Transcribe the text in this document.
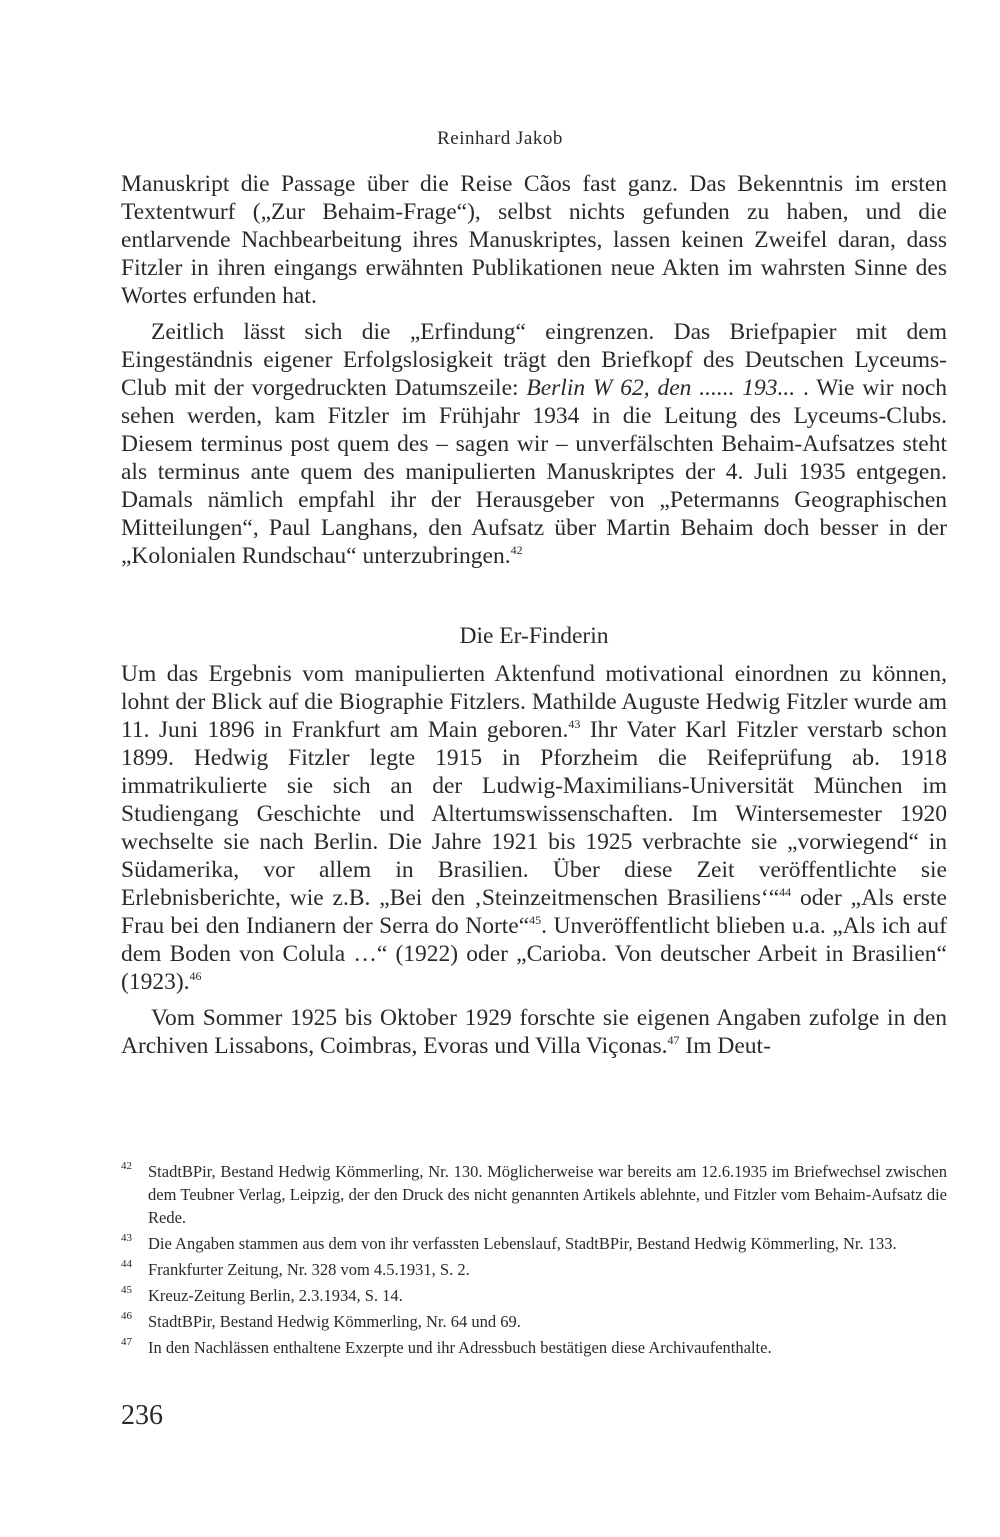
Reinhard Jakob

Manuskript die Passage über die Reise Cãos fast ganz. Das Bekenntnis im ersten Textentwurf („Zur Behaim-Frage“), selbst nichts gefunden zu haben, und die entlarvende Nachbearbeitung ihres Manuskriptes, lassen keinen Zweifel daran, dass Fitzler in ihren eingangs erwähnten Publikationen neue Akten im wahrsten Sinne des Wortes erfunden hat.

Zeitlich lässt sich die „Erfindung“ eingrenzen. Das Briefpapier mit dem Eingeständnis eigener Erfolgslosigkeit trägt den Briefkopf des Deutschen Lyceums-Club mit der vorgedruckten Datumszeile: Berlin W 62, den ...... 193... . Wie wir noch sehen werden, kam Fitzler im Frühjahr 1934 in die Leitung des Lyceums-Clubs. Diesem terminus post quem des – sagen wir – unverfälschten Behaim-Aufsatzes steht als terminus ante quem des manipulierten Manuskriptes der 4. Juli 1935 entgegen. Damals nämlich empfahl ihr der Herausgeber von „Petermanns Geographischen Mitteilungen“, Paul Langhans, den Aufsatz über Martin Behaim doch besser in der „Kolonialen Rundschau“ unterzubringen.$^{42}$

Die Er-Finderin

Um das Ergebnis vom manipulierten Aktenfund motivational einordnen zu können, lohnt der Blick auf die Biographie Fitzlers. Mathilde Auguste Hedwig Fitzler wurde am 11. Juni 1896 in Frankfurt am Main geboren.$^{43}$ Ihr Vater Karl Fitzler verstarb schon 1899. Hedwig Fitzler legte 1915 in Pforzheim die Reifeprüfung ab. 1918 immatrikulierte sie sich an der Ludwig-Maximilians-Universität München im Studiengang Geschichte und Altertumswissenschaften. Im Wintersemester 1920 wechselte sie nach Berlin. Die Jahre 1921 bis 1925 verbrachte sie „vorwiegend“ in Südamerika, vor allem in Brasilien. Über diese Zeit veröffentlichte sie Erlebnisberichte, wie z.B. „Bei den ‚Steinzeitmenschen Brasiliens‘“$^{44}$ oder „Als erste Frau bei den Indianern der Serra do Norte“$^{45}$. Unveröffentlicht blieben u.a. „Als ich auf dem Boden von Colula …“ (1922) oder „Carioba. Von deutscher Arbeit in Brasilien“ (1923).$^{46}$

Vom Sommer 1925 bis Oktober 1929 forschte sie eigenen Angaben zufolge in den Archiven Lissabons, Coimbras, Evoras und Villa Viçonas.$^{47}$ Im Deut-

42 StadtBPir, Bestand Hedwig Kömmerling, Nr. 130. Möglicherweise war bereits am 12.6.1935 im Briefwechsel zwischen dem Teubner Verlag, Leipzig, der den Druck des nicht genannten Artikels ablehnte, und Fitzler vom Behaim-Aufsatz die Rede.
43 Die Angaben stammen aus dem von ihr verfassten Lebenslauf, StadtBPir, Bestand Hedwig Kömmerling, Nr. 133.
44 Frankfurter Zeitung, Nr. 328 vom 4.5.1931, S. 2.
45 Kreuz-Zeitung Berlin, 2.3.1934, S. 14.
46 StadtBPir, Bestand Hedwig Kömmerling, Nr. 64 und 69.
47 In den Nachlässen enthaltene Exzerpte und ihr Adressbuch bestätigen diese Archivaufenthalte.
236
